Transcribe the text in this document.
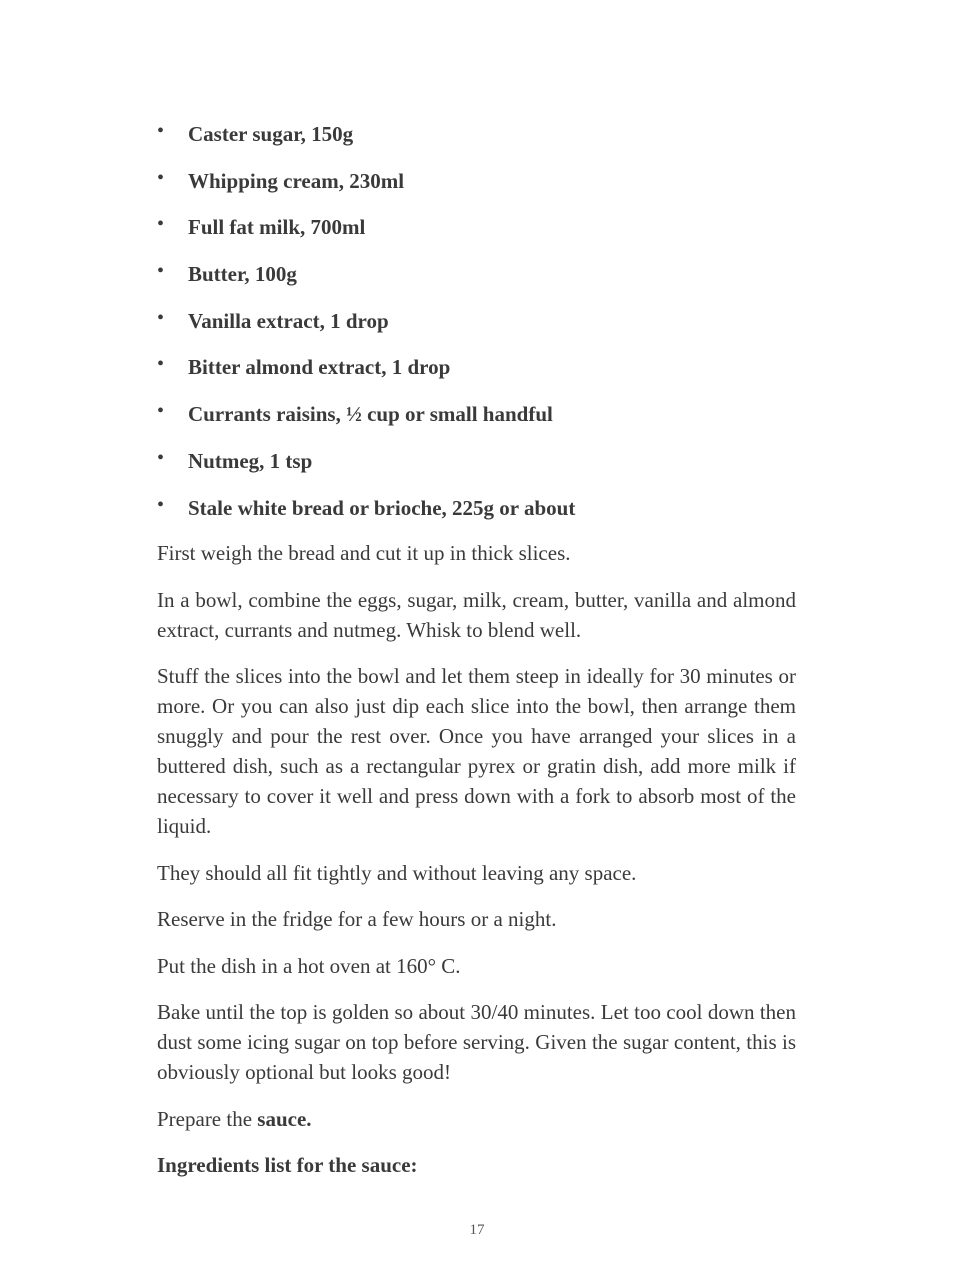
• Caster sugar, 150g
• Whipping cream, 230ml
• Full fat milk, 700ml
• Butter, 100g
• Vanilla extract, 1 drop
• Bitter almond extract, 1 drop
• Currants raisins, ½ cup or small handful
• Nutmeg, 1 tsp
• Stale white bread or brioche, 225g or about

First weigh the bread and cut it up in thick slices.

In a bowl, combine the eggs, sugar, milk, cream, butter, vanilla and almond extract, currants and nutmeg. Whisk to blend well.

Stuff the slices into the bowl and let them steep in ideally for 30 minutes or more. Or you can also just dip each slice into the bowl, then arrange them snuggly and pour the rest over. Once you have arranged your slices in a buttered dish, such as a rectangular pyrex or gratin dish, add more milk if necessary to cover it well and press down with a fork to absorb most of the liquid.

They should all fit tightly and without leaving any space.

Reserve in the fridge for a few hours or a night.

Put the dish in a hot oven at 160° C.

Bake until the top is golden so about 30/40 minutes. Let too cool down then dust some icing sugar on top before serving. Given the sugar content, this is obviously optional but looks good!

Prepare the sauce.

Ingredients list for the sauce:

17
